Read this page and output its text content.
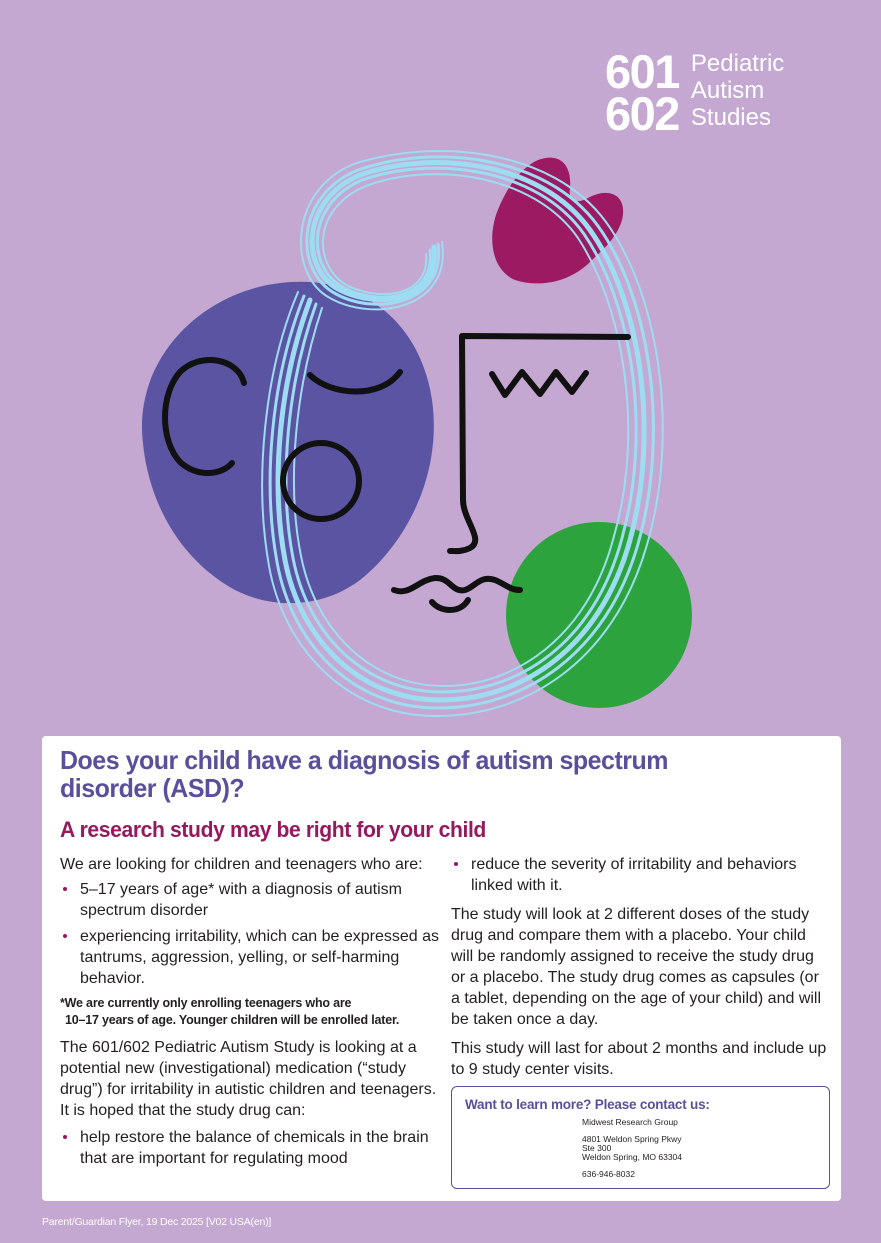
601
602
Pediatric
Autism
Studies
Does your child have a diagnosis of autism spectrum disorder (ASD)?
A research study may be right for your child
We are looking for children and teenagers who are:
5–17 years of age* with a diagnosis of autism spectrum disorder
experiencing irritability, which can be expressed as tantrums, aggression, yelling, or self-harming behavior.
*We are currently only enrolling teenagers who are
10–17 years of age. Younger children will be enrolled later.
The 601/602 Pediatric Autism Study is looking at a potential new (investigational) medication (“study drug”) for irritability in autistic children and teenagers. It is hoped that the study drug can:
help restore the balance of chemicals in the brain that are important for regulating mood
reduce the severity of irritability and behaviors linked with it.
The study will look at 2 different doses of the study drug and compare them with a placebo. Your child will be randomly assigned to receive the study drug or a placebo. The study drug comes as capsules (or a tablet, depending on the age of your child) and will be taken once a day.
This study will last for about 2 months and include up to 9 study center visits.
Want to learn more? Please contact us:
Midwest Research Group
4801 Weldon Spring Pkwy
Ste 300
Weldon Spring, MO 63304
636-946-8032
Parent/Guardian Flyer, 19 Dec 2025 [V02 USA(en)]
